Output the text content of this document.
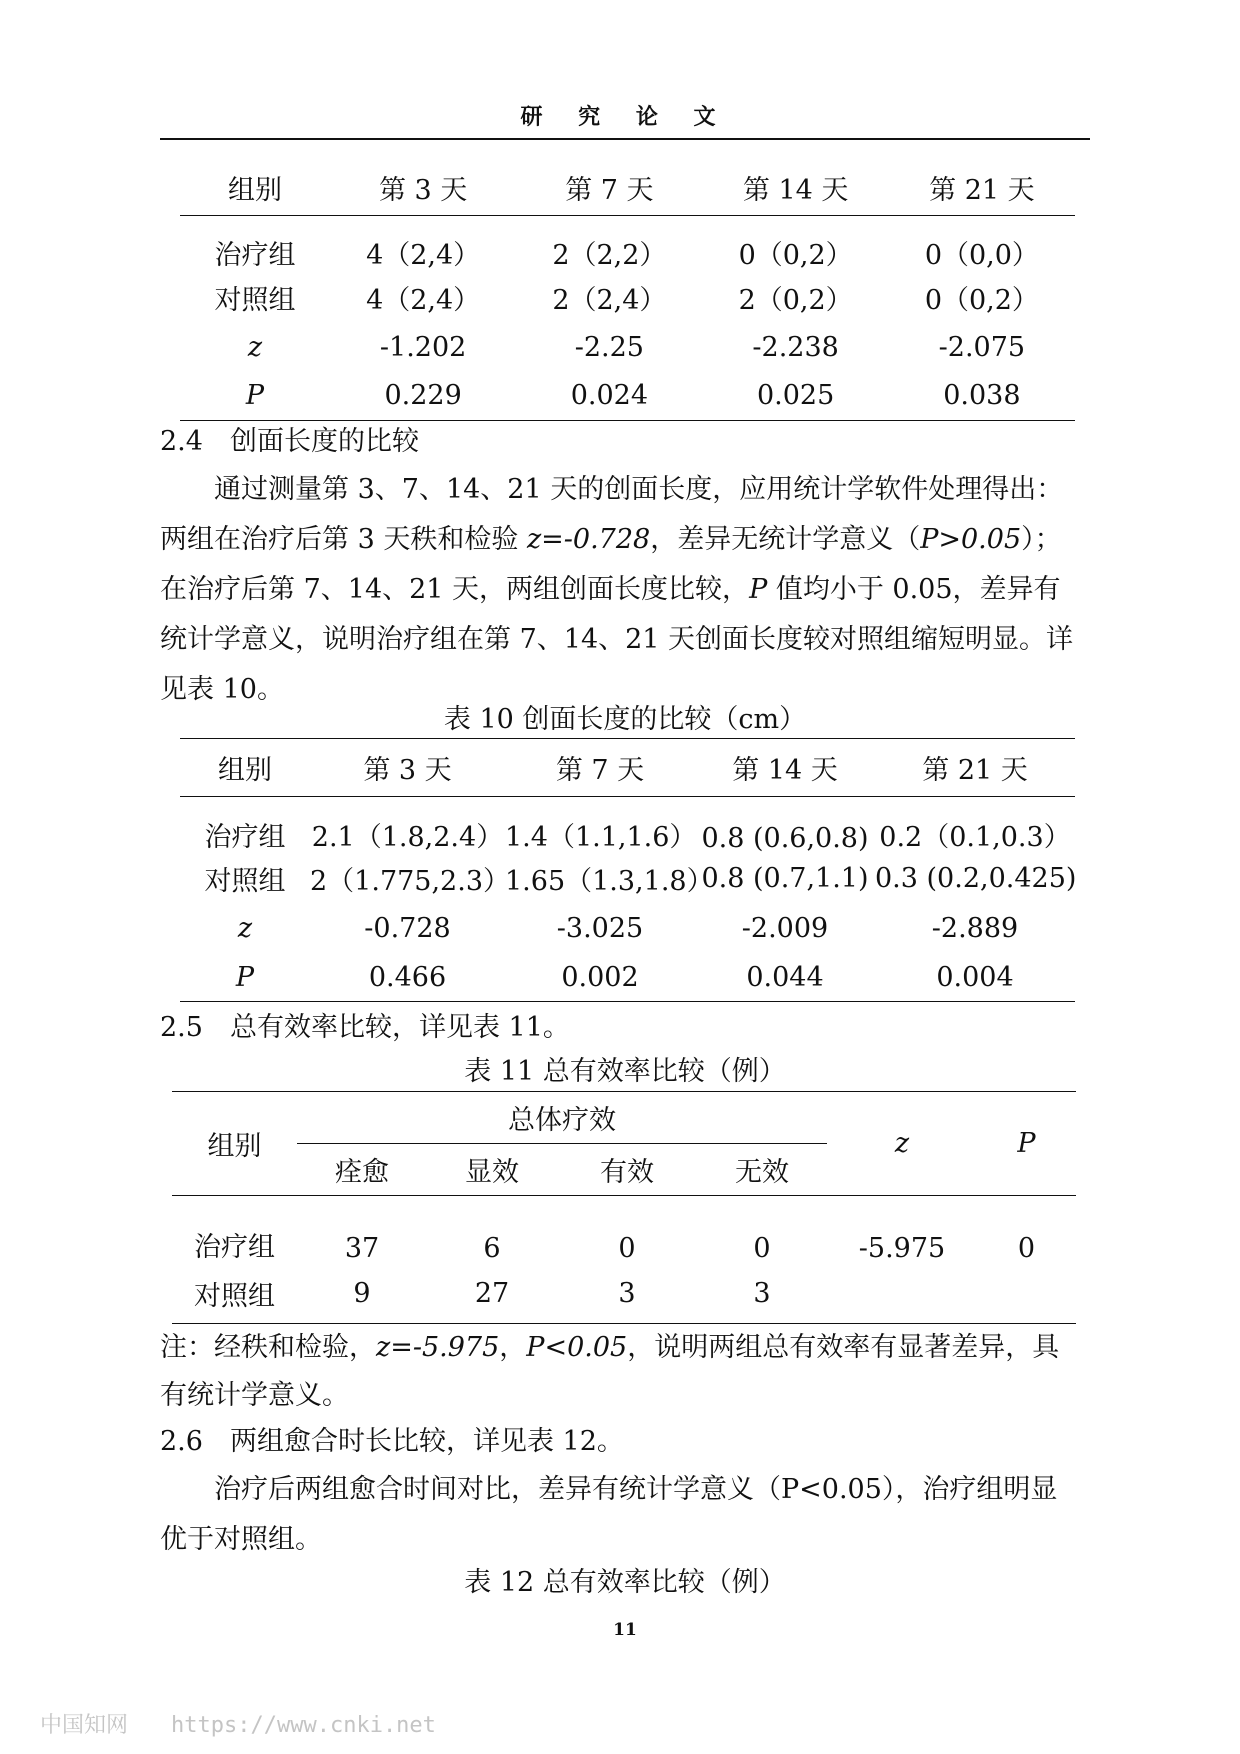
研 究 论 文
组别	第 3 天	第 7 天	第 14 天	第 21 天
治疗组	4（2,4）	2（2,2）	0（0,2）	0（0,0）
对照组	4（2,4）	2（2,4）	2（0,2）	0（0,2）
z	-1.202	-2.25	-2.238	-2.075
P	0.229	0.024	0.025	0.038
2.4　创面长度的比较
通过测量第 3、7、14、21 天的创面长度，应用统计学软件处理得出：两组在治疗后第 3 天秩和检验 z=-0.728，差异无统计学意义（P>0.05）；在治疗后第 7、14、21 天，两组创面长度比较，P 值均小于 0.05，差异有统计学意义，说明治疗组在第 7、14、21 天创面长度较对照组缩短明显。详见表 10。
表 10 创面长度的比较（cm）
组别	第 3 天	第 7 天	第 14 天	第 21 天
治疗组	2.1（1.8,2.4）	1.4（1.1,1.6）	0.8 (0.6,0.8)	0.2（0.1,0.3）
对照组	2（1.775,2.3）	1.65（1.3,1.8）	0.8 (0.7,1.1)	0.3 (0.2,0.425)
z	-0.728	-3.025	-2.009	-2.889
P	0.466	0.002	0.044	0.004
2.5　总有效率比较，详见表 11。
表 11 总有效率比较（例）
组别	总体疗效				z	P
	痊愈	显效	有效	无效		
治疗组	37	6	0	0	-5.975	0
对照组	9	27	3	3		
注：经秩和检验，z=-5.975，P<0.05，说明两组总有效率有显著差异，具有统计学意义。
2.6　两组愈合时长比较，详见表 12。
治疗后两组愈合时间对比，差异有统计学意义（P<0.05），治疗组明显优于对照组。
表 12 总有效率比较（例）
11
中国知网 https://www.cnki.net
